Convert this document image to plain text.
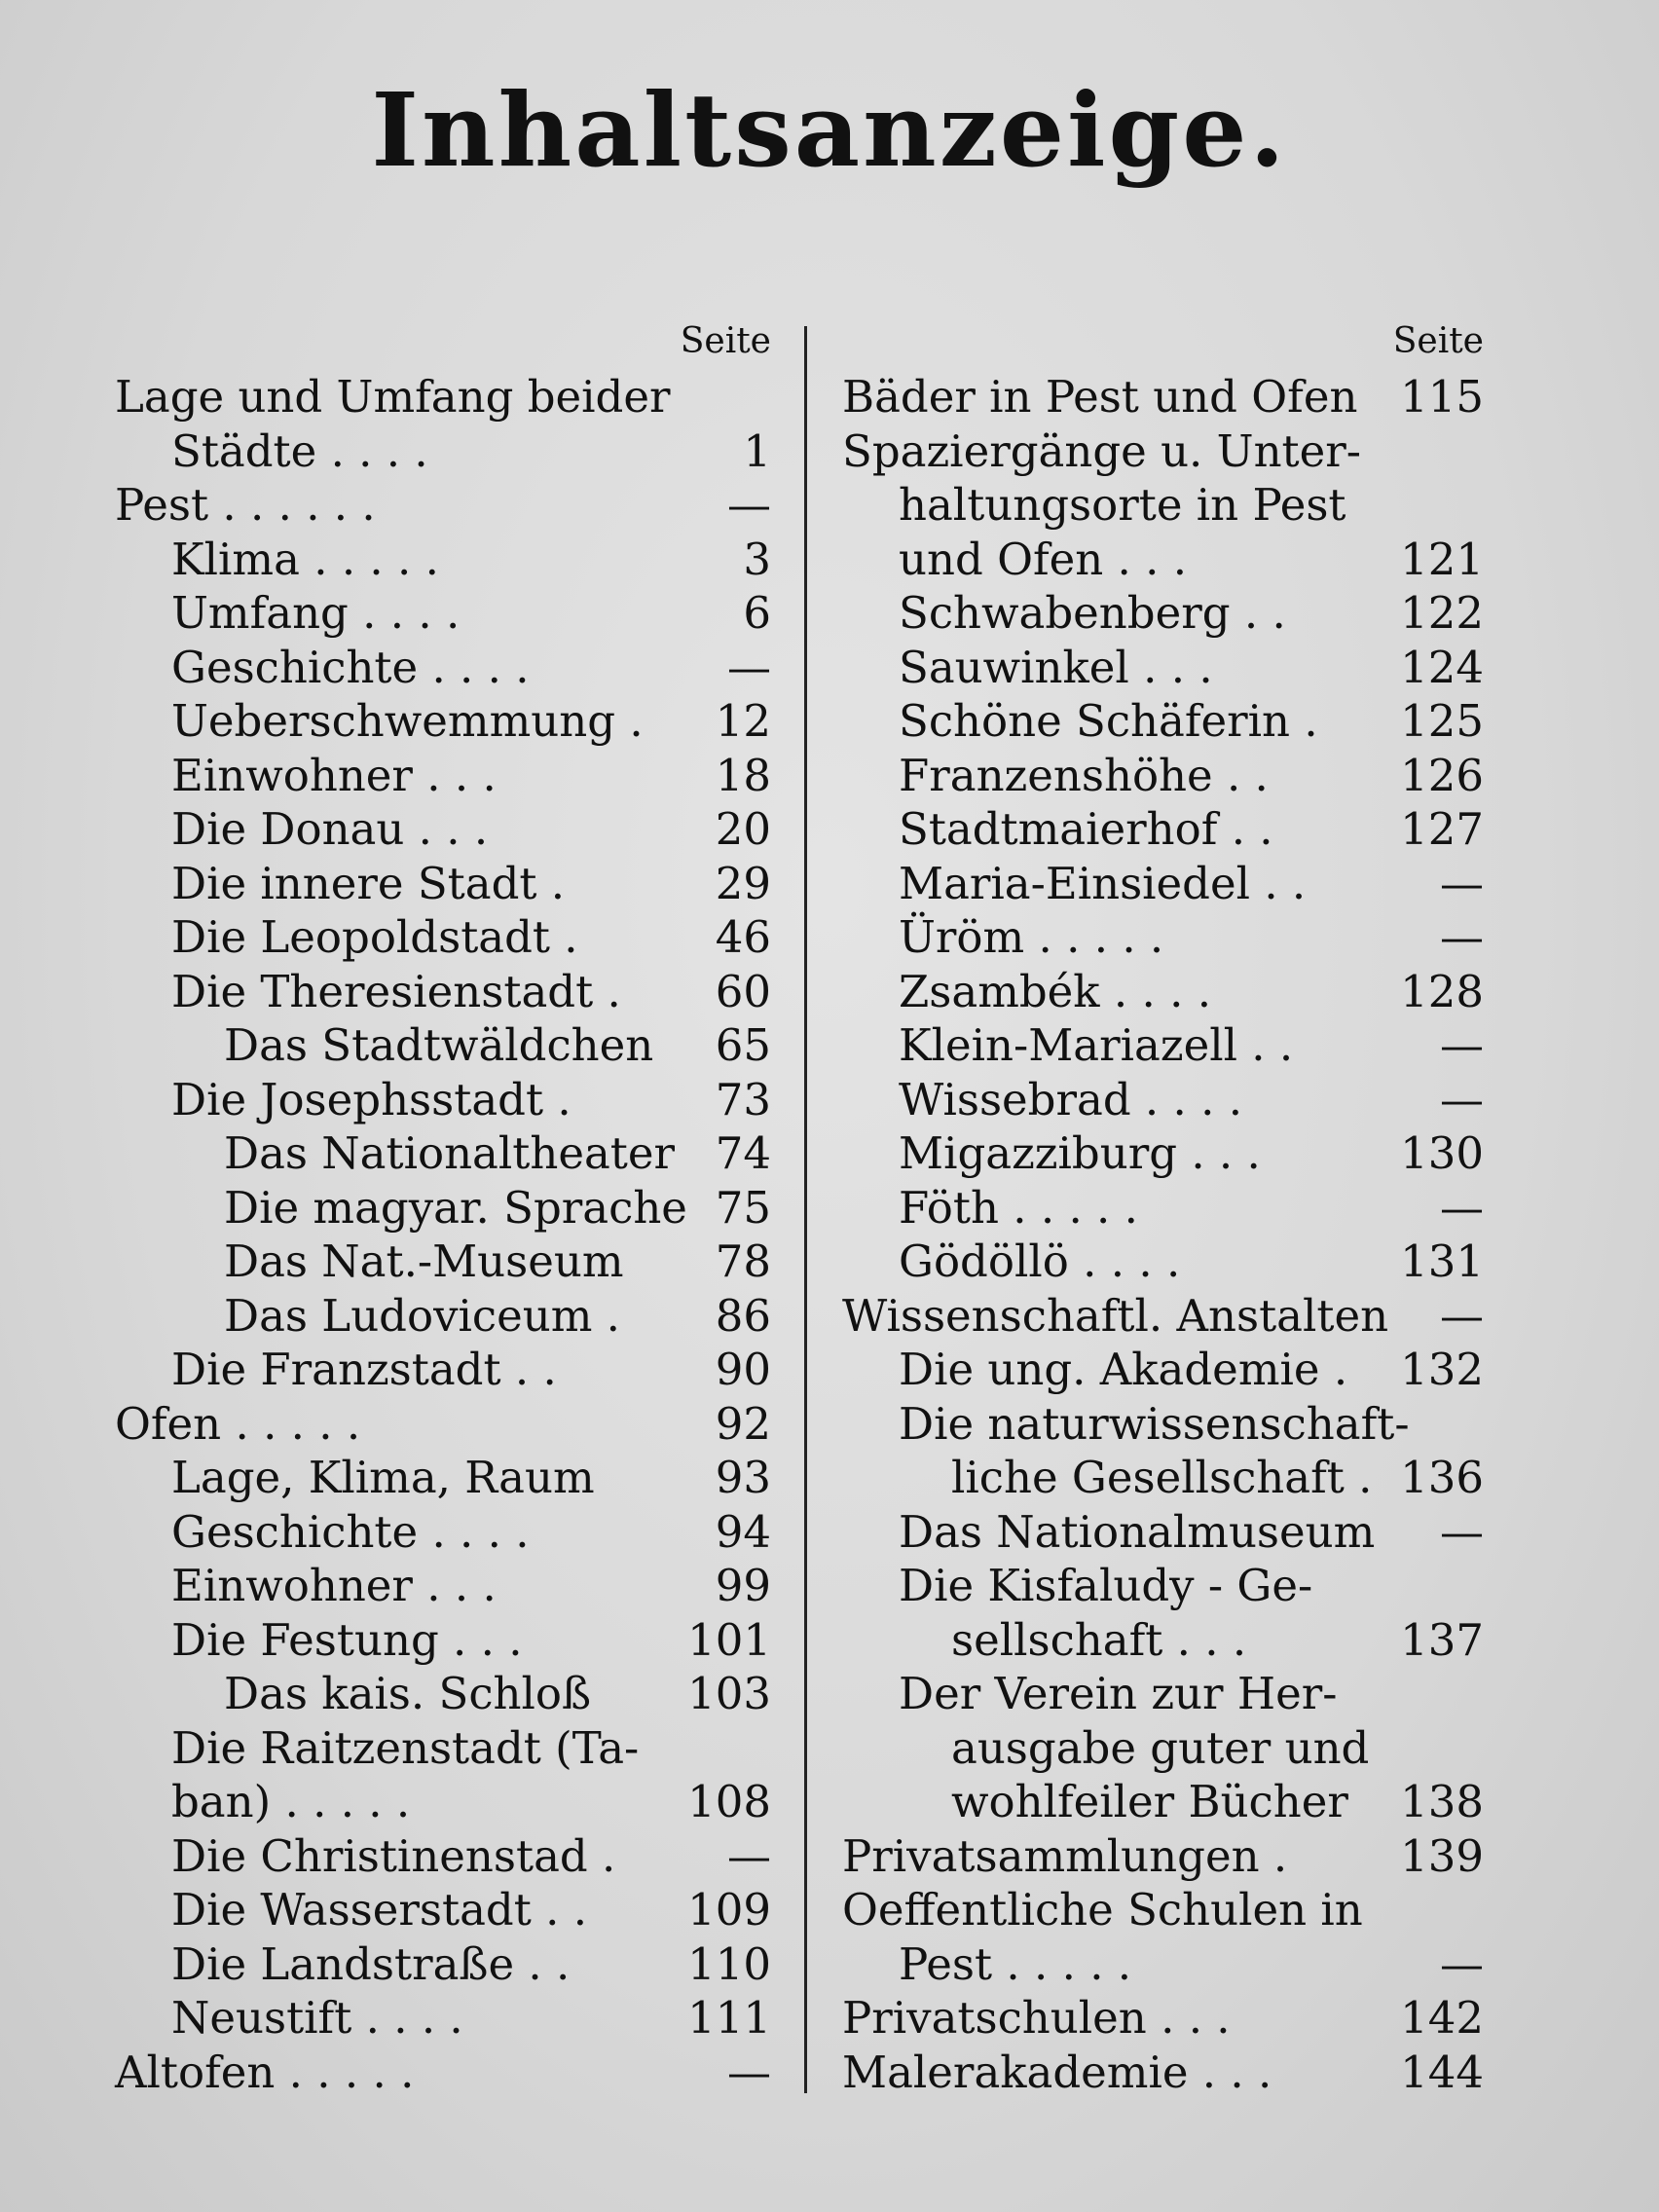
Inhaltsanzeige.
Seite
Lage und Umfang beider
Städte . . . .	1
Pest . . . . . .	—
Klima . . . . .	3
Umfang . . . .	6
Geschichte . . . .	—
Ueberschwemmung . 12
Einwohner . . .	18
Die Donau . . .	20
Die innere Stadt .	29
Die Leopoldstadt .	46
Die Theresienstadt . 60
Das Stadtwäldchen 65
Die Josephsstadt .	73
Das Nationaltheater 74
Die magyar. Sprache 75
Das Nat.-Museum 78
Das Ludoviceum . 86
Die Franzstadt . .	90
Ofen . . . . .	92
Lage, Klima, Raum	93
Geschichte . . . .	94
Einwohner . . .	99
Die Festung . . .	101
Das kais. Schloß 103
Die Raitzenstadt (Ta-
ban) . . . . .	108
Die Christinenstad .	—
Die Wasserstadt . . 109
Die Landstraße . .	110
Neustift . . . .	111
Altofen . . . . .	—
Seite
Bäder in Pest und Ofen 115
Spaziergänge u. Unter-
haltungsorte in Pest
und Ofen . . .	121
Schwabenberg . .	122
Sauwinkel . . .	124
Schöne Schäferin . 125
Franzenshöhe . .	126
Stadtmaierhof . .	127
Maria-Einsiedel . .	—
Üröm . . . . .	—
Zsambék . . . .	128
Klein-Mariazell . .	—
Wissebrad . . . .	—
Migazziburg . . .	130
Föth . . . . .	—
Gödöllö . . . .	131
Wissenschaftl. Anstalten —
Die ung. Akademie . 132
Die naturwissenschaft-
liche Gesellschaft . 136
Das Nationalmuseum —
Die Kisfaludy - Ge-
sellschaft . . .	137
Der Verein zur Her-
ausgabe guter und
wohlfeiler Bücher 138
Privatsammlungen .	139
Oeffentliche Schulen in
Pest . . . . .	—
Privatschulen . . .	142
Malerakademie . . .	144
